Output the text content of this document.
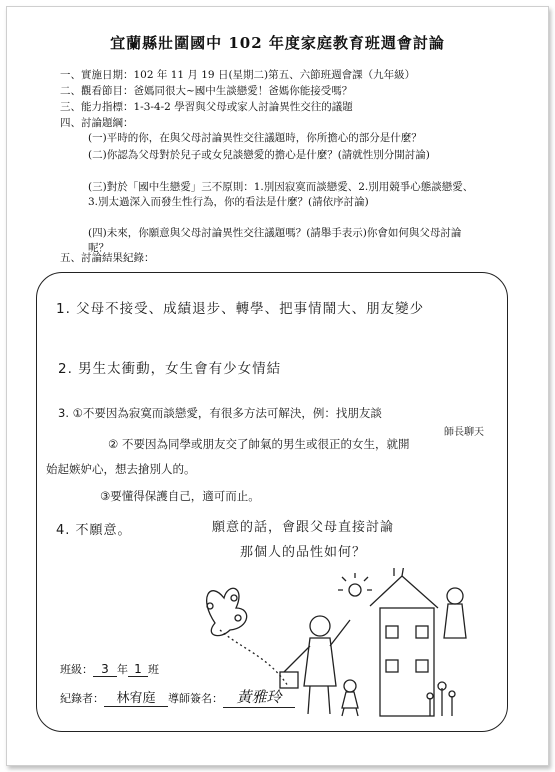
宜蘭縣壯圍國中 102 年度家庭教育班週會討論
一、實施日期：102 年 11 月 19 日(星期二)第五、六節班週會課（九年級）
二、觀看節目：爸媽同很大~國中生談戀愛！爸媽你能接受嗎？
三、能力指標：1-3-4-2 學習與父母或家人討論異性交往的議題
四、討論題綱：
(一)平時的你，在與父母討論異性交往議題時，你所擔心的部分是什麼？
(二)你認為父母對於兒子或女兒談戀愛的擔心是什麼？(請就性別分開討論)
(三)對於「國中生戀愛」三不原則：1.別因寂寞而談戀愛、2.別用競爭心態談戀愛、3.別太過深入而發生性行為，你的看法是什麼？(請依序討論)
(四)未來，你願意與父母討論異性交往議題嗎？(請舉手表示)你會如何與父母討論呢？
五、討論結果紀錄：
1. 父母不接受、成績退步、轉學、把事情鬧大、朋友變少
2. 男生太衝動，女生會有少女情結
3. ①不要因為寂寞而談戀愛，有很多方法可解決，例：找朋友談
師長聊天
② 不要因為同學或朋友交了帥氣的男生或很正的女生，就開
始起嫉妒心，想去搶別人的。
③要懂得保護自己，適可而止。
4. 不願意。	願意的話，會跟父母直接討論
那個人的品性如何？
班級： 3 年 1 班
紀錄者： 林宥庭 導師簽名： 黃雅玲
